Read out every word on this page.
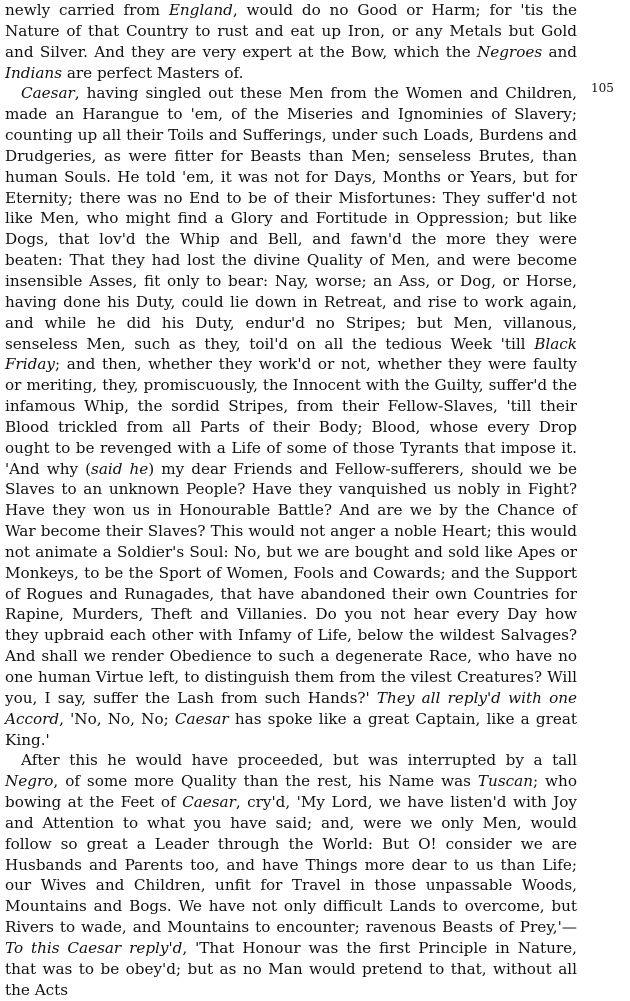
newly carried from England, would do no Good or Harm; for 'tis the Nature of that Country to rust and eat up Iron, or any Metals but Gold and Silver. And they are very expert at the Bow, which the Negroes and Indians are perfect Masters of.

Caesar, having singled out these Men from the Women and Children, made an Harangue to 'em, of the Miseries and Ignominies of Slavery; counting up all their Toils and Sufferings, under such Loads, Burdens and Drudgeries, as were fitter for Beasts than Men; senseless Brutes, than human Souls. He told 'em, it was not for Days, Months or Years, but for Eternity; there was no End to be of their Misfortunes: They suffer'd not like Men, who might find a Glory and Fortitude in Oppression; but like Dogs, that lov'd the Whip and Bell, and fawn'd the more they were beaten: That they had lost the divine Quality of Men, and were become insensible Asses, fit only to bear: Nay, worse; an Ass, or Dog, or Horse, having done his Duty, could lie down in Retreat, and rise to work again, and while he did his Duty, endur'd no Stripes; but Men, villanous, senseless Men, such as they, toil'd on all the tedious Week 'till Black Friday; and then, whether they work'd or not, whether they were faulty or meriting, they, promiscuously, the Innocent with the Guilty, suffer'd the infamous Whip, the sordid Stripes, from their Fellow-Slaves, 'till their Blood trickled from all Parts of their Body; Blood, whose every Drop ought to be revenged with a Life of some of those Tyrants that impose it. 'And why (said he) my dear Friends and Fellow-sufferers, should we be Slaves to an unknown People? Have they vanquished us nobly in Fight? Have they won us in Honourable Battle? And are we by the Chance of War become their Slaves? This would not anger a noble Heart; this would not animate a Soldier's Soul: No, but we are bought and sold like Apes or Monkeys, to be the Sport of Women, Fools and Cowards; and the Support of Rogues and Runagades, that have abandoned their own Countries for Rapine, Murders, Theft and Villanies. Do you not hear every Day how they upbraid each other with Infamy of Life, below the wildest Salvages? And shall we render Obedience to such a degenerate Race, who have no one human Virtue left, to distinguish them from the vilest Creatures? Will you, I say, suffer the Lash from such Hands?' They all reply'd with one Accord, 'No, No, No; Caesar has spoke like a great Captain, like a great King.'

After this he would have proceeded, but was interrupted by a tall Negro, of some more Quality than the rest, his Name was Tuscan; who bowing at the Feet of Caesar, cry'd, 'My Lord, we have listen'd with Joy and Attention to what you have said; and, were we only Men, would follow so great a Leader through the World: But O! consider we are Husbands and Parents too, and have Things more dear to us than Life; our Wives and Children, unfit for Travel in those unpassable Woods, Mountains and Bogs. We have not only difficult Lands to overcome, but Rivers to wade, and Mountains to encounter; ravenous Beasts of Prey,'—To this Caesar reply'd, 'That Honour was the first Principle in Nature, that was to be obey'd; but as no Man would pretend to that, without all the Acts

105
